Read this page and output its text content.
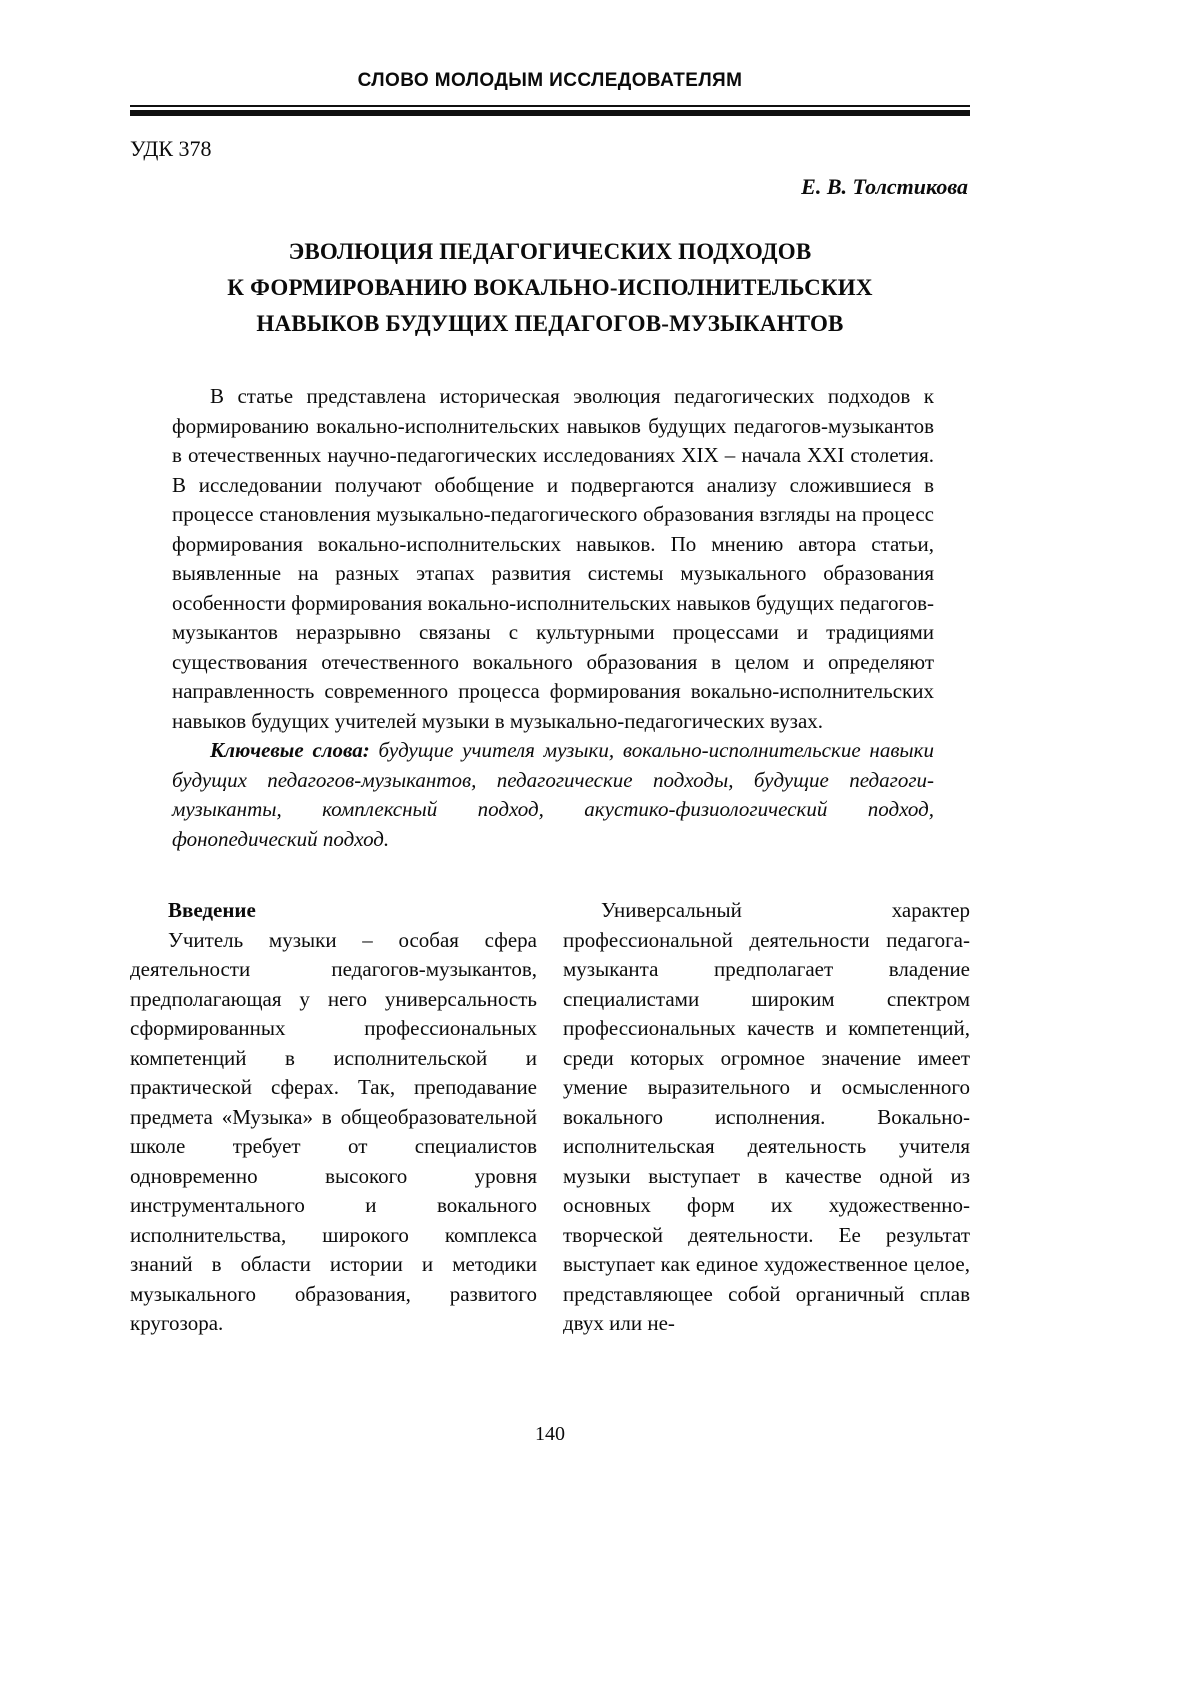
СЛОВО МОЛОДЫМ ИССЛЕДОВАТЕЛЯМ
УДК 378
Е. В. Толстикова
ЭВОЛЮЦИЯ ПЕДАГОГИЧЕСКИХ ПОДХОДОВ
К ФОРМИРОВАНИЮ ВОКАЛЬНО-ИСПОЛНИТЕЛЬСКИХ
НАВЫКОВ БУДУЩИХ ПЕДАГОГОВ-МУЗЫКАНТОВ

В статье представлена историческая эволюция педагогических подходов к формированию вокально-исполнительских навыков будущих педагогов-музыкантов в отечественных научно-педагогических исследованиях XIX – начала XXI столетия. В исследовании получают обобщение и подвергаются анализу сложившиеся в процессе становления музыкально-педагогического образования взгляды на процесс формирования вокально-исполнительских навыков. По мнению автора статьи, выявленные на разных этапах развития системы музыкального образования особенности формирования вокально-исполнительских навыков будущих педагогов-музыкантов неразрывно связаны с культурными процессами и традициями существования отечественного вокального образования в целом и определяют направленность современного процесса формирования вокально-исполнительских навыков будущих учителей музыки в музыкально-педагогических вузах.

Ключевые слова: будущие учителя музыки, вокально-исполнительские навыки будущих педагогов-музыкантов, педагогические подходы, будущие педагоги-музыканты, комплексный подход, акустико-физиологический подход, фонопедический подход.

Введение

Учитель музыки – особая сфера деятельности педагогов-музыкантов, предполагающая у него универсальность сформированных профессиональных компетенций в исполнительской и практической сферах. Так, преподавание предмета «Музыка» в общеобразовательной школе требует от специалистов одновременно высокого уровня инструментального и вокального исполнительства, широкого комплекса знаний в области истории и методики музыкального образования, развитого кругозора.

Универсальный характер профессиональной деятельности педагога-музыканта предполагает владение специалистами широким спектром профессиональных качеств и компетенций, среди которых огромное значение имеет умение выразительного и осмысленного вокального исполнения. Вокально-исполнительская деятельность учителя музыки выступает в качестве одной из основных форм их художественно-творческой деятельности. Ее результат выступает как единое художественное целое, представляющее собой органичный сплав двух или не-

140
